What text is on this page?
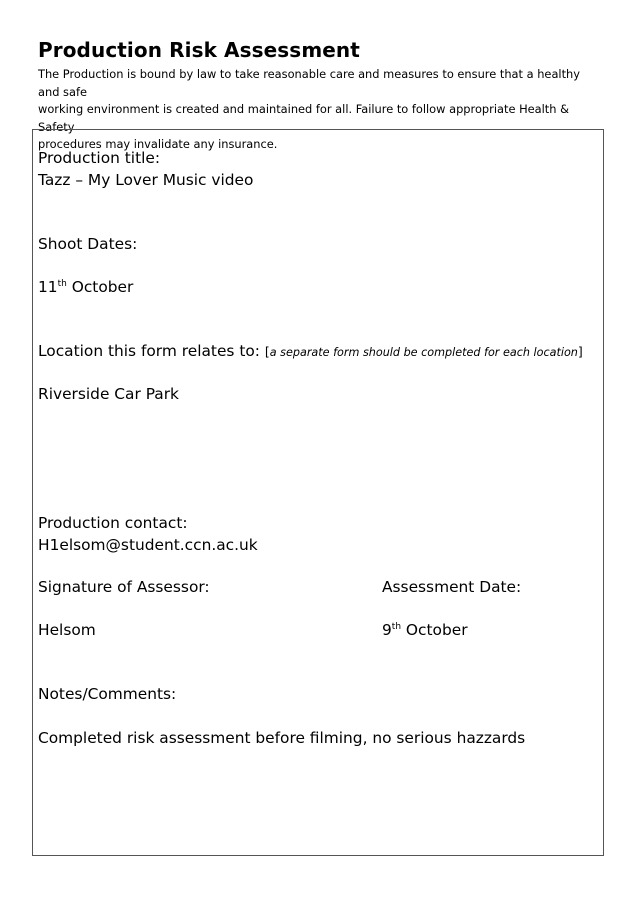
Production Risk Assessment
The Production is bound by law to take reasonable care and measures to ensure that a healthy and safe
working environment is created and maintained for all. Failure to follow appropriate Health & Safety
procedures may invalidate any insurance.
Production title:
Tazz – My Lover Music video
Shoot Dates:
11th October
Location this form relates to: [a separate form should be completed for each location]
Riverside Car Park
Production contact:
H1elsom@student.ccn.ac.uk
Signature of Assessor:	Assessment Date:
Helsom	9th October
Notes/Comments:
Completed risk assessment before filming, no serious hazzards
